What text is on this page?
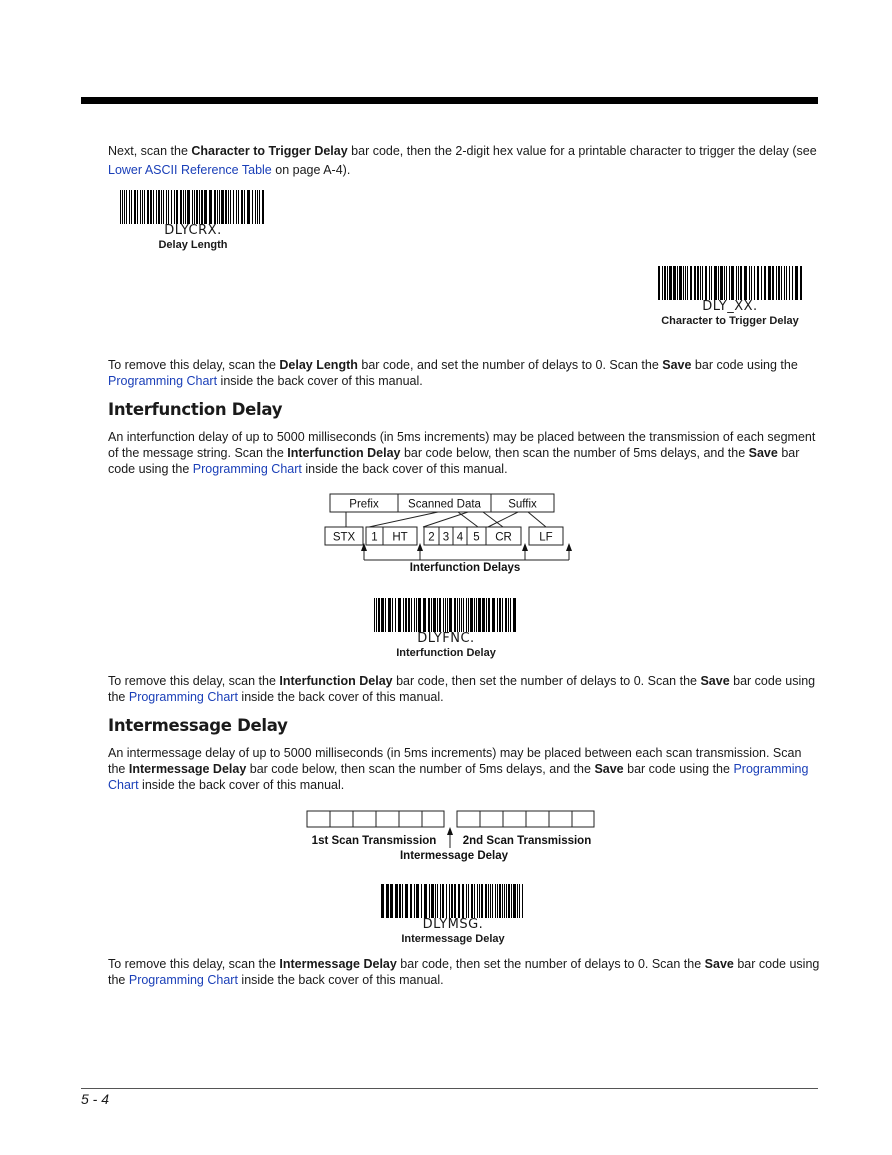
Next, scan the Character to Trigger Delay bar code, then the 2-digit hex value for a printable character to trigger the delay (see Lower ASCII Reference Table on page A-4).

DLYCRX.
Delay Length
DLY_XX.
Character to Trigger Delay

To remove this delay, scan the Delay Length bar code, and set the number of delays to 0. Scan the Save bar code using the Programming Chart inside the back cover of this manual.

Interfunction Delay

An interfunction delay of up to 5000 milliseconds (in 5ms increments) may be placed between the transmission of each segment of the message string. Scan the Interfunction Delay bar code below, then scan the number of 5ms delays, and the Save bar code using the Programming Chart inside the back cover of this manual.

Prefix	Scanned Data Suffix
STX 1 HT 2 3 4 5 CR LF
Interfunction Delays
DLYFNC.
Interfunction Delay

To remove this delay, scan the Interfunction Delay bar code, then set the number of delays to 0. Scan the Save bar code using the Programming Chart inside the back cover of this manual.

Intermessage Delay

An intermessage delay of up to 5000 milliseconds (in 5ms increments) may be placed between each scan transmission. Scan the Intermessage Delay bar code below, then scan the number of 5ms delays, and the Save bar code using the Programming Chart inside the back cover of this manual.

1st Scan Transmission 2nd Scan Transmission
Intermessage Delay
DLYMSG.
Intermessage Delay

To remove this delay, scan the Intermessage Delay bar code, then set the number of delays to 0. Scan the Save bar code using the Programming Chart inside the back cover of this manual.

5 - 4
